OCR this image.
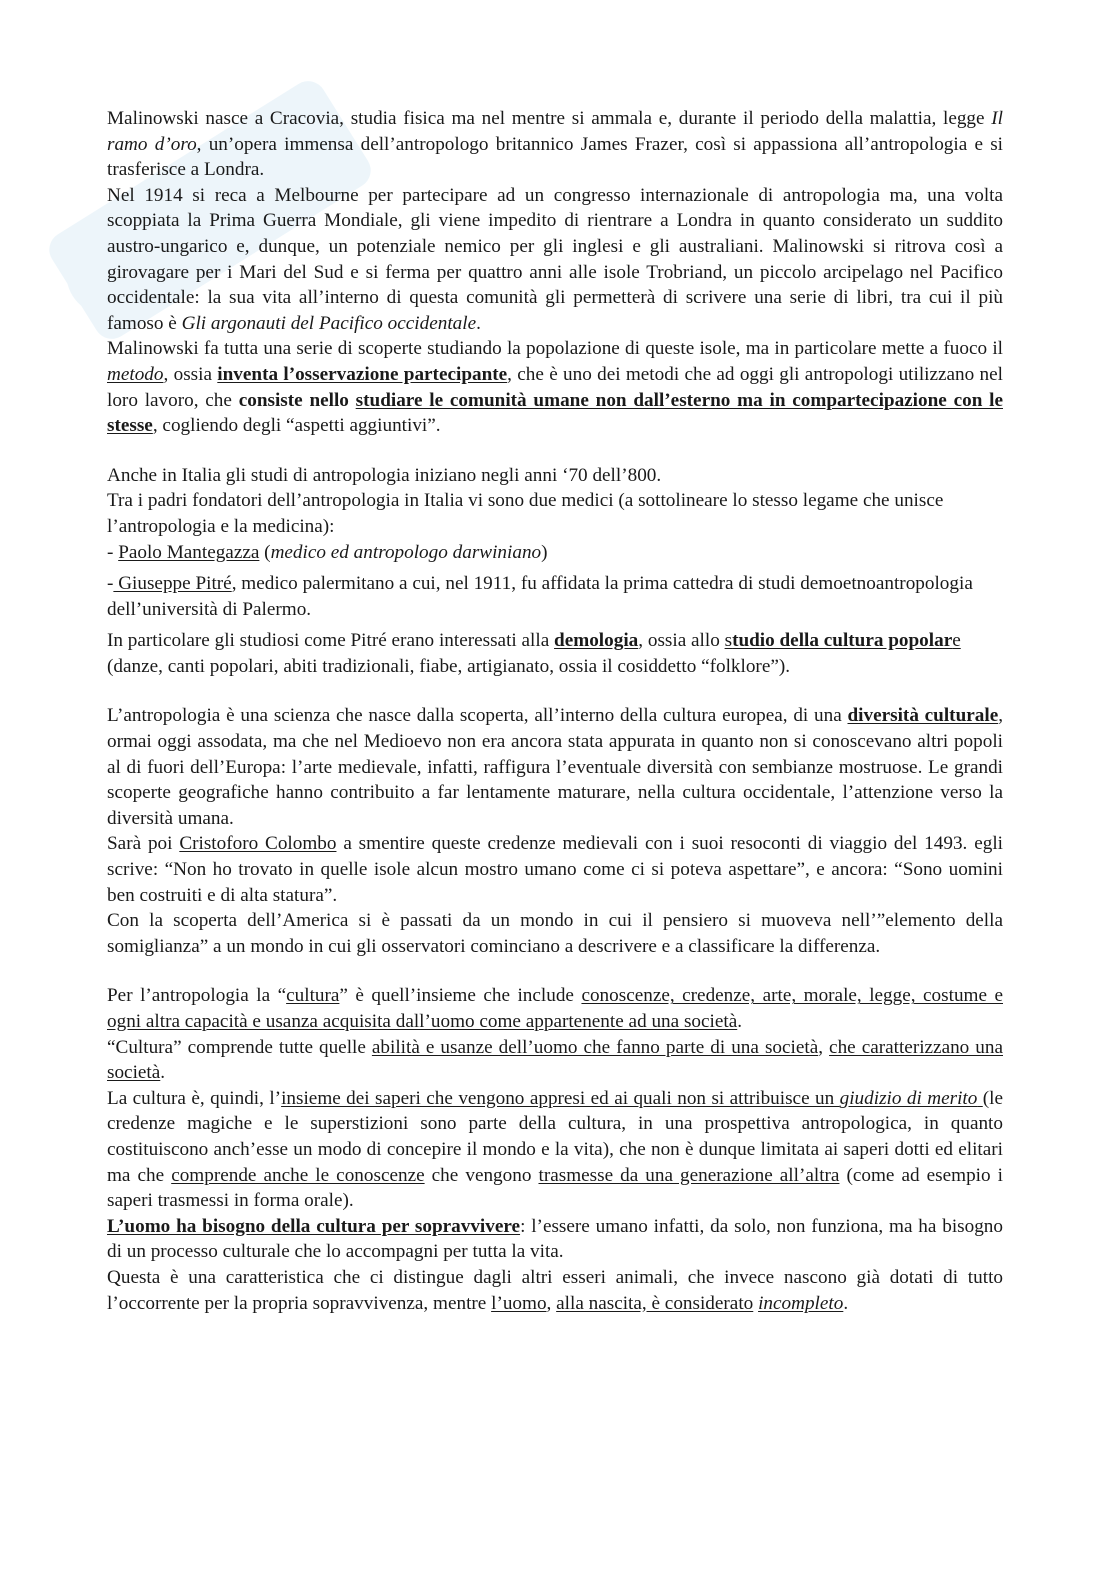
Malinowski nasce a Cracovia, studia fisica ma nel mentre si ammala e, durante il periodo della malattia, legge Il ramo d’oro, un’opera immensa dell’antropologo britannico James Frazer, così si appassiona all’antropologia e si trasferisce a Londra.

Nel 1914 si reca a Melbourne per partecipare ad un congresso internazionale di antropologia ma, una volta scoppiata la Prima Guerra Mondiale, gli viene impedito di rientrare a Londra in quanto considerato un suddito austro-ungarico e, dunque, un potenziale nemico per gli inglesi e gli australiani. Malinowski si ritrova così a girovagare per i Mari del Sud e si ferma per quattro anni alle isole Trobriand, un piccolo arcipelago nel Pacifico occidentale: la sua vita all’interno di questa comunità gli permetterà di scrivere una serie di libri, tra cui il più famoso è Gli argonauti del Pacifico occidentale.

Malinowski fa tutta una serie di scoperte studiando la popolazione di queste isole, ma in particolare mette a fuoco il metodo, ossia inventa l’osservazione partecipante, che è uno dei metodi che ad oggi gli antropologi utilizzano nel loro lavoro, che consiste nello studiare le comunità umane non dall’esterno ma in compartecipazione con le stesse, cogliendo degli “aspetti aggiuntivi”.

Anche in Italia gli studi di antropologia iniziano negli anni ‘70 dell’800.

Tra i padri fondatori dell’antropologia in Italia vi sono due medici (a sottolineare lo stesso legame che unisce l’antropologia e la medicina):

- Paolo Mantegazza (medico ed antropologo darwiniano)

- Giuseppe Pitré, medico palermitano a cui, nel 1911, fu affidata la prima cattedra di studi demoetnoantropologia dell’università di Palermo.

In particolare gli studiosi come Pitré erano interessati alla demologia, ossia allo studio della cultura popolare (danze, canti popolari, abiti tradizionali, fiabe, artigianato, ossia il cosiddetto “folklore”).

L’antropologia è una scienza che nasce dalla scoperta, all’interno della cultura europea, di una diversità culturale, ormai oggi assodata, ma che nel Medioevo non era ancora stata appurata in quanto non si conoscevano altri popoli al di fuori dell’Europa: l’arte medievale, infatti, raffigura l’eventuale diversità con sembianze mostruose. Le grandi scoperte geografiche hanno contribuito a far lentamente maturare, nella cultura occidentale, l’attenzione verso la diversità umana.

Sarà poi Cristoforo Colombo a smentire queste credenze medievali con i suoi resoconti di viaggio del 1493. egli scrive: “Non ho trovato in quelle isole alcun mostro umano come ci si poteva aspettare”, e ancora: “Sono uomini ben costruiti e di alta statura”.

Con la scoperta dell’America si è passati da un mondo in cui il pensiero si muoveva nell’”elemento della somiglianza” a un mondo in cui gli osservatori cominciano a descrivere e a classificare la differenza.

Per l’antropologia la “cultura” è quell’insieme che include conoscenze, credenze, arte, morale, legge, costume e ogni altra capacità e usanza acquisita dall’uomo come appartenente ad una società.

“Cultura” comprende tutte quelle abilità e usanze dell’uomo che fanno parte di una società, che caratterizzano una società.

La cultura è, quindi, l’insieme dei saperi che vengono appresi ed ai quali non si attribuisce un giudizio di merito (le credenze magiche e le superstizioni sono parte della cultura, in una prospettiva antropologica, in quanto costituiscono anch’esse un modo di concepire il mondo e la vita), che non è dunque limitata ai saperi dotti ed elitari ma che comprende anche le conoscenze che vengono trasmesse da una generazione all’altra (come ad esempio i saperi trasmessi in forma orale).

L’uomo ha bisogno della cultura per sopravvivere: l’essere umano infatti, da solo, non funziona, ma ha bisogno di un processo culturale che lo accompagni per tutta la vita.

Questa è una caratteristica che ci distingue dagli altri esseri animali, che invece nascono già dotati di tutto l’occorrente per la propria sopravvivenza, mentre l’uomo, alla nascita, è considerato incompleto.
